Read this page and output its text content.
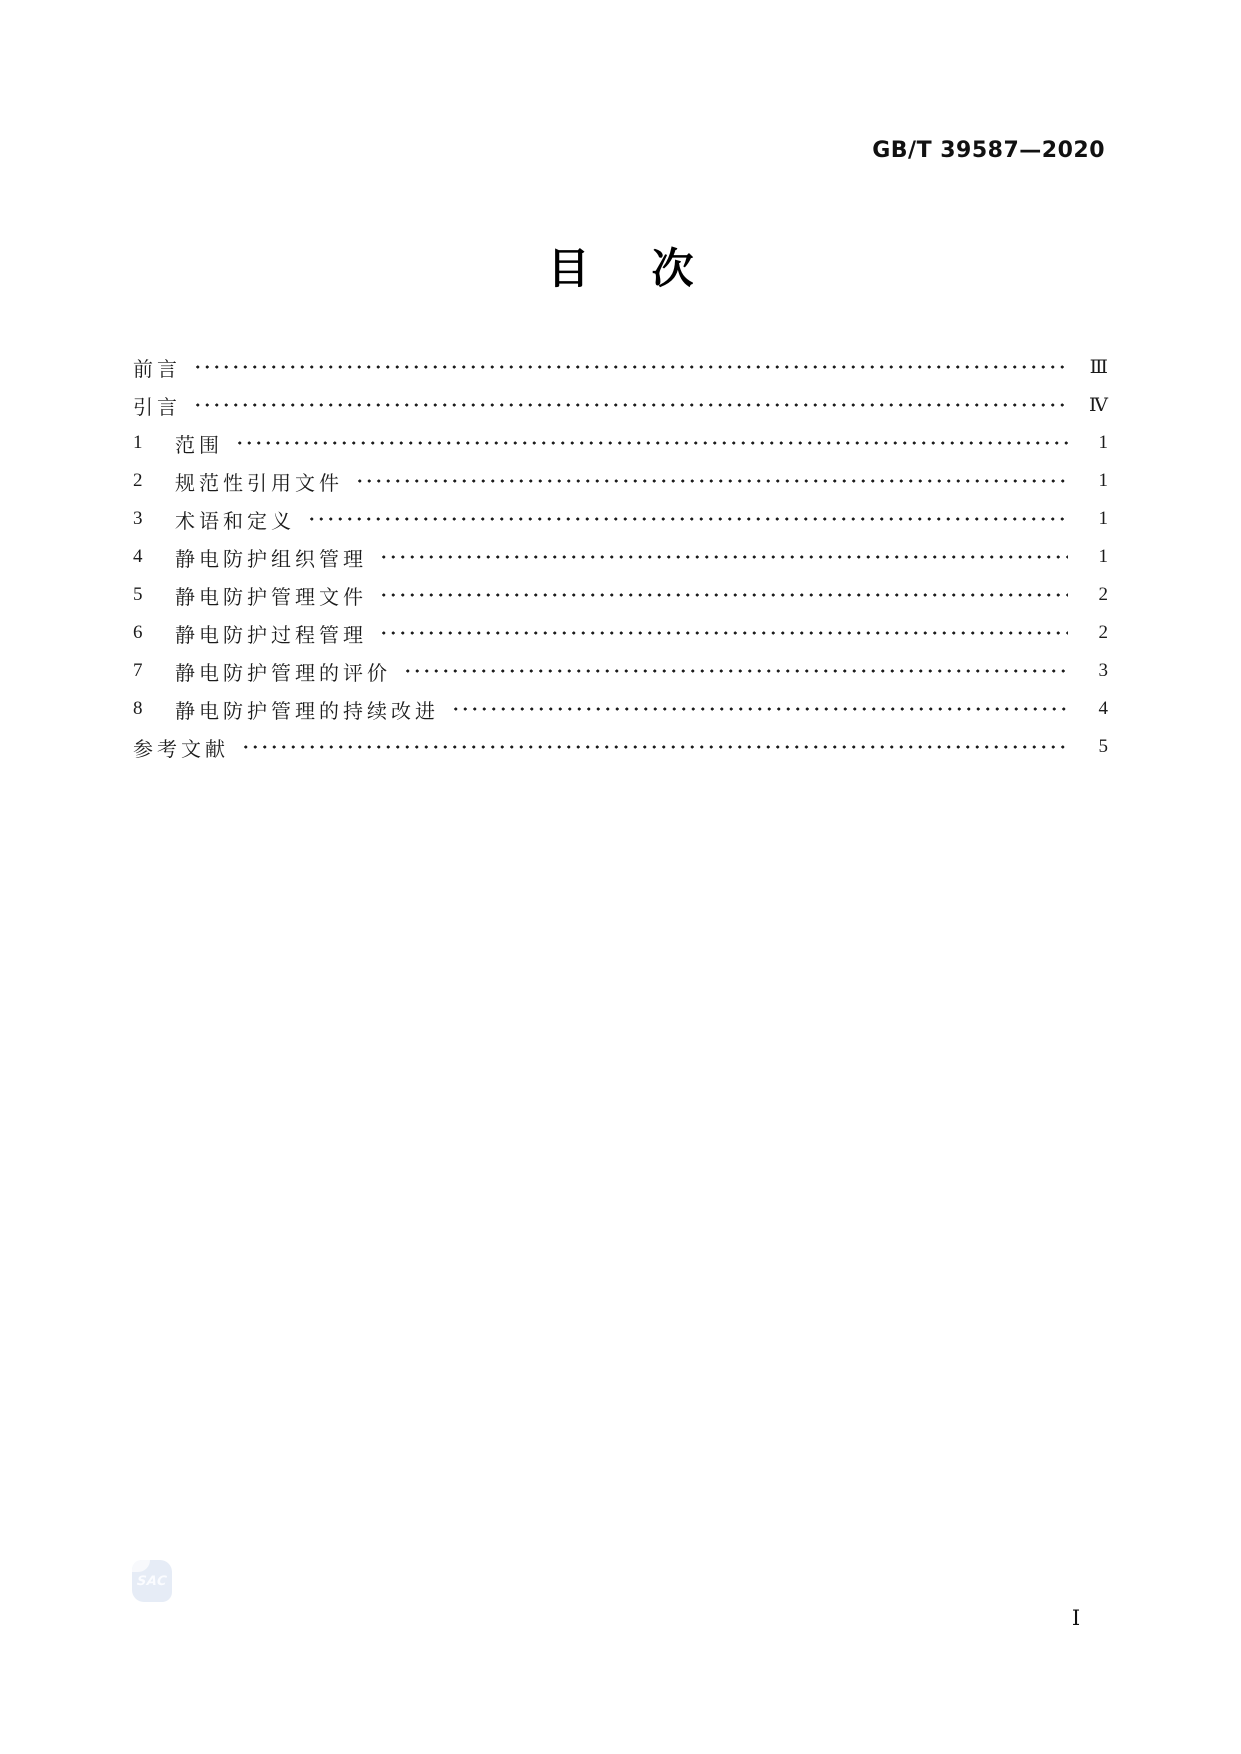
GB/T 39587—2020
目 次
前言	Ⅲ
引言	Ⅳ
1	范围	1
2	规范性引用文件	1
3	术语和定义	1
4	静电防护组织管理	1
5	静电防护管理文件	2
6	静电防护过程管理	2
7	静电防护管理的评价	3
8	静电防护管理的持续改进	4
参考文献	5
SAC
Ⅰ
